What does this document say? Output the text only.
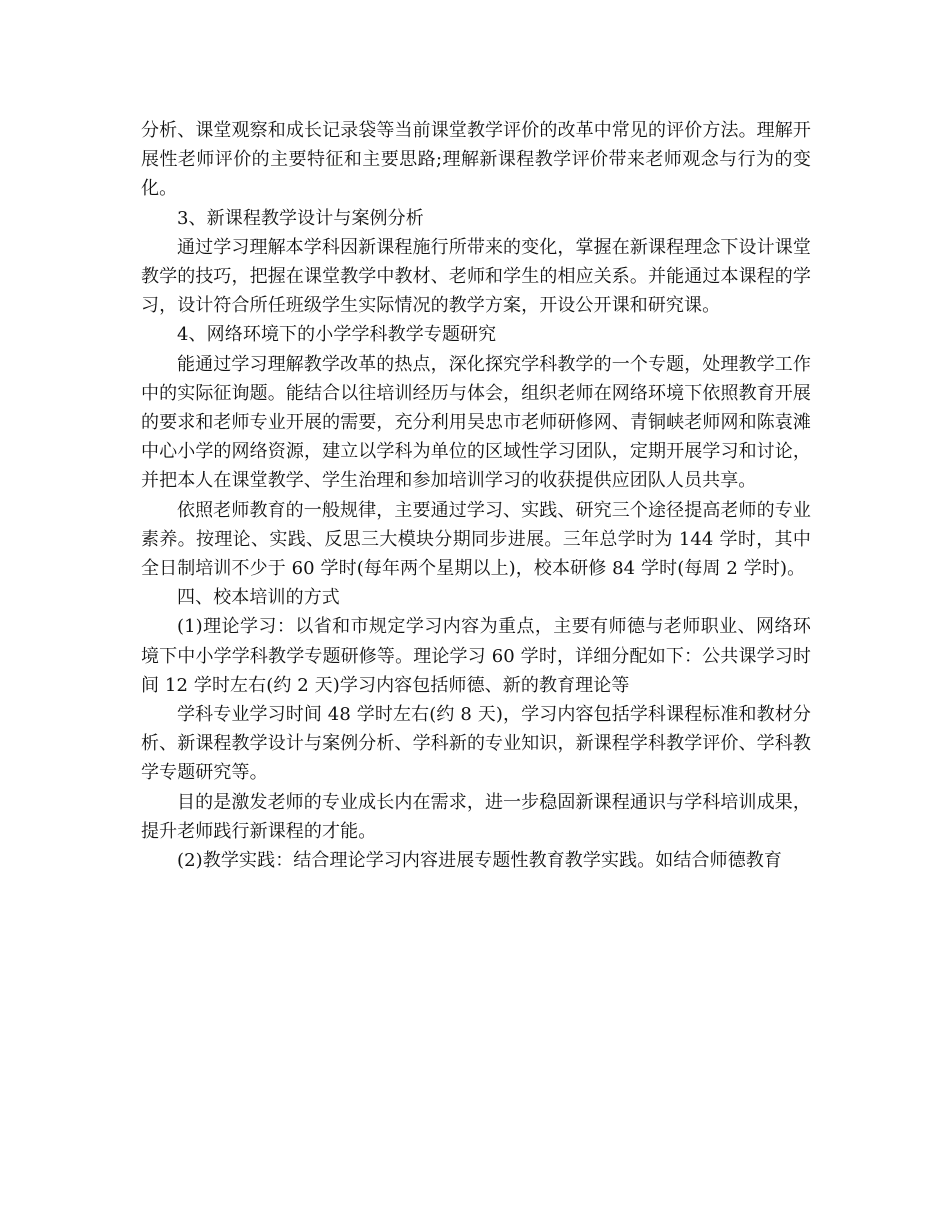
分析、课堂观察和成长记录袋等当前课堂教学评价的改革中常见的评价方法。理解开展性老师评价的主要特征和主要思路;理解新课程教学评价带来老师观念与行为的变化。

3、新课程教学设计与案例分析

通过学习理解本学科因新课程施行所带来的变化，掌握在新课程理念下设计课堂教学的技巧，把握在课堂教学中教材、老师和学生的相应关系。并能通过本课程的学习，设计符合所任班级学生实际情况的教学方案，开设公开课和研究课。

4、网络环境下的小学学科教学专题研究

能通过学习理解教学改革的热点，深化探究学科教学的一个专题，处理教学工作中的实际征询题。能结合以往培训经历与体会，组织老师在网络环境下依照教育开展的要求和老师专业开展的需要，充分利用吴忠市老师研修网、青铜峡老师网和陈袁滩中心小学的网络资源，建立以学科为单位的区域性学习团队，定期开展学习和讨论，并把本人在课堂教学、学生治理和参加培训学习的收获提供应团队人员共享。

依照老师教育的一般规律，主要通过学习、实践、研究三个途径提高老师的专业素养。按理论、实践、反思三大模块分期同步进展。三年总学时为 144 学时，其中全日制培训不少于 60 学时(每年两个星期以上)，校本研修 84 学时(每周 2 学时)。

四、校本培训的方式

(1)理论学习：以省和市规定学习内容为重点，主要有师德与老师职业、网络环境下中小学学科教学专题研修等。理论学习 60 学时，详细分配如下：公共课学习时间 12 学时左右(约 2 天)学习内容包括师德、新的教育理论等

学科专业学习时间 48 学时左右(约 8 天)，学习内容包括学科课程标准和教材分析、新课程教学设计与案例分析、学科新的专业知识，新课程学科教学评价、学科教学专题研究等。

目的是激发老师的专业成长内在需求，进一步稳固新课程通识与学科培训成果，提升老师践行新课程的才能。

(2)教学实践：结合理论学习内容进展专题性教育教学实践。如结合师德教育
